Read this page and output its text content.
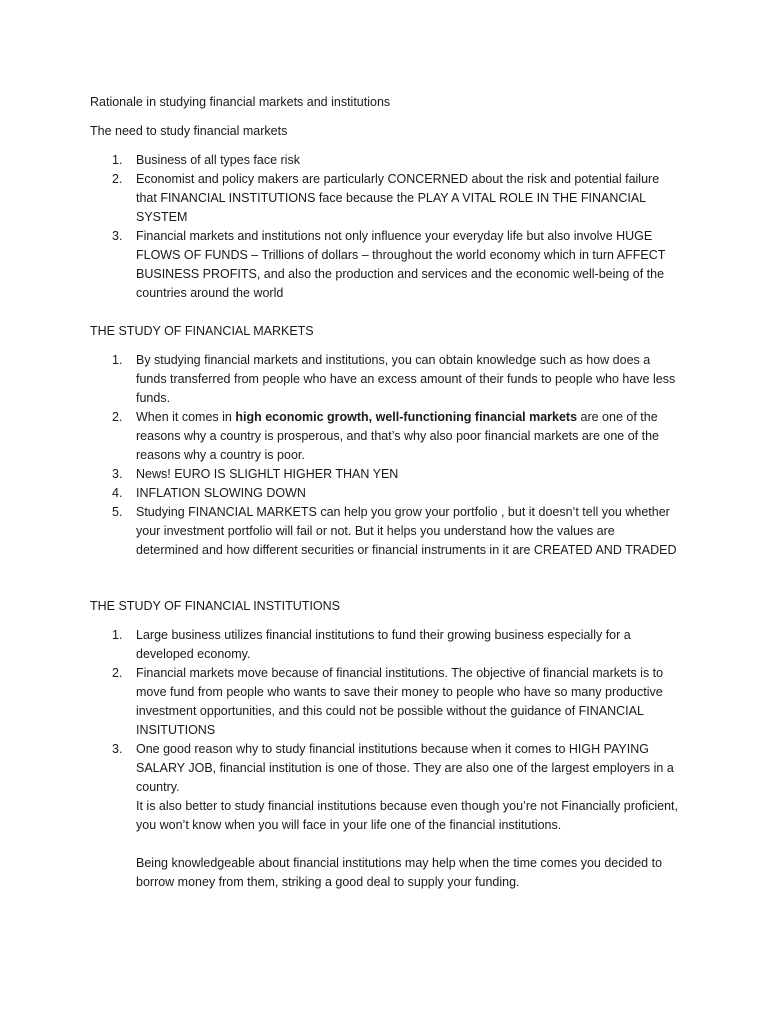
Rationale in studying financial markets and institutions

The need to study financial markets

1. Business of all types face risk
2. Economist and policy makers are particularly CONCERNED about the risk and potential failure that FINANCIAL INSTITUTIONS face because the PLAY A VITAL ROLE IN THE FINANCIAL SYSTEM
3. Financial markets and institutions not only influence your everyday life but also involve HUGE FLOWS OF FUNDS – Trillions of dollars – throughout the world economy which in turn AFFECT BUSINESS PROFITS, and also the production and services and the economic well-being of the countries around the world

THE STUDY OF FINANCIAL MARKETS

1. By studying financial markets and institutions, you can obtain knowledge such as how does a funds transferred from people who have an excess amount of their funds to people who have less funds.
2. When it comes in high economic growth, well-functioning financial markets are one of the reasons why a country is prosperous, and that’s why also poor financial markets are one of the reasons why a country is poor.
3. News! EURO IS SLIGHLT HIGHER THAN YEN
4. INFLATION SLOWING DOWN
5. Studying FINANCIAL MARKETS can help you grow your portfolio , but it doesn’t tell you whether your investment portfolio will fail or not. But it helps you understand how the values are determined and how different securities or financial instruments in it are CREATED AND TRADED

THE STUDY OF FINANCIAL INSTITUTIONS

1. Large business utilizes financial institutions to fund their growing business especially for a developed economy.
2. Financial markets move because of financial institutions. The objective of financial markets is to move fund from people who wants to save their money to people who have so many productive investment opportunities, and this could not be possible without the guidance of FINANCIAL INSITUTIONS
3. One good reason why to study financial institutions because when it comes to HIGH PAYING SALARY JOB, financial institution is one of those. They are also one of the largest employers in a country.

It is also better to study financial institutions because even though you’re not Financially proficient, you won’t know when you will face in your life one of the financial institutions.

Being knowledgeable about financial institutions may help when the time comes you decided to borrow money from them, striking a good deal to supply your funding.
